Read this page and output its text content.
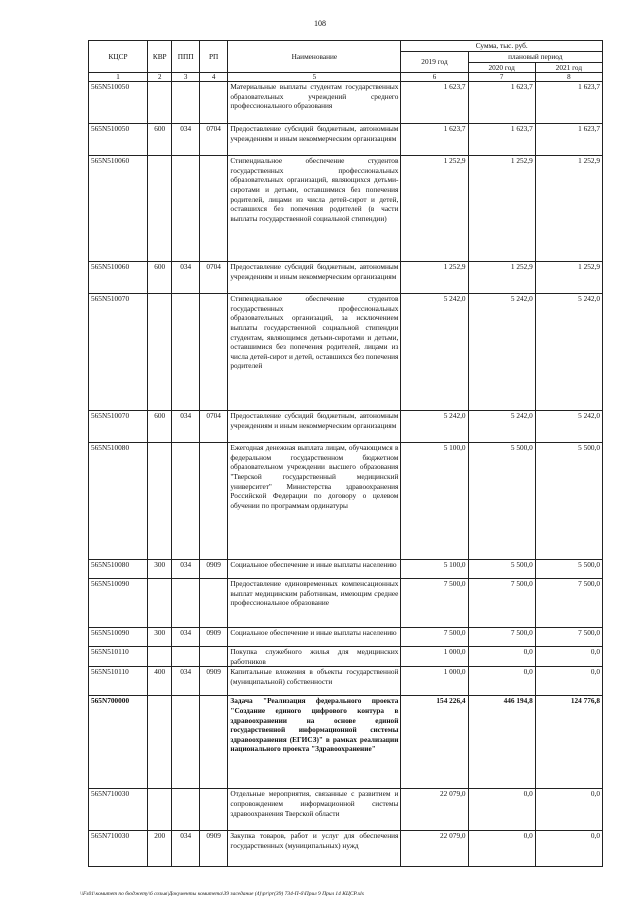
108
КЦСР	КВР	ППП	РП	Наименование	Сумма, тыс. руб.		
					2019 год	плановый период	
						2020 год	2021 год
1	2	3	4	5	6	7	8
565N510050				Материальные выплаты студентам государственных образовательных учреждений среднего профессионального образования	1 623,7	1 623,7	1 623,7
565N510050	600	034	0704	Предоставление субсидий бюджетным, автономным учреждениям и иным некоммерческим организациям	1 623,7	1 623,7	1 623,7
565N510060				Стипендиальное обеспечение студентов государственных профессиональных образовательных организаций, являющихся детьми-сиротами и детьми, оставшимися без попечения родителей, лицами из числа детей-сирот и детей, оставшихся без попечения родителей (в части выплаты государственной социальной стипендии)	1 252,9	1 252,9	1 252,9
565N510060	600	034	0704	Предоставление субсидий бюджетным, автономным учреждениям и иным некоммерческим организациям	1 252,9	1 252,9	1 252,9
565N510070				Стипендиальное обеспечение студентов государственных профессиональных образовательных организаций, за исключением выплаты государственной социальной стипендии студентам, являющимся детьми-сиротами и детьми, оставшимися без попечения родителей, лицами из числа детей-сирот и детей, оставшихся без попечения родителей	5 242,0	5 242,0	5 242,0
565N510070	600	034	0704	Предоставление субсидий бюджетным, автономным учреждениям и иным некоммерческим организациям	5 242,0	5 242,0	5 242,0
565N510080				Ежегодная денежная выплата лицам, обучающимся в федеральном государственном бюджетном образовательном учреждении высшего образования "Тверской государственный медицинский университет" Министерства здравоохранения Российской Федерации по договору о целевом обучении по программам ординатуры	5 100,0	5 500,0	5 500,0
565N510080	300	034	0909	Социальное обеспечение и иные выплаты населению	5 100,0	5 500,0	5 500,0
565N510090				Предоставление единовременных компенсационных выплат медицинским работникам, имеющим среднее профессиональное образование	7 500,0	7 500,0	7 500,0
565N510090	300	034	0909	Социальное обеспечение и иные выплаты населению	7 500,0	7 500,0	7 500,0
565N510110				Покупка служебного жилья для медицинских работников	1 000,0	0,0	0,0
565N510110	400	034	0909	Капитальные вложения в объекты государственной (муниципальной) собственности	1 000,0	0,0	0,0
565N700000				Задача "Реализация федерального проекта "Создание единого цифрового контура в здравоохранении на основе единой государственной информационной системы здравоохранения (ЕГИСЗ)" в рамках реализации национального проекта "Здравоохранение"	154 226,4	446 194,8	124 776,8
565N710030				Отдельные мероприятия, связанные с развитием и сопровождением информационной системы здравоохранения Тверской области	22 079,0	0,0	0,0
565N710030	200	034	0909	Закупка товаров, работ и услуг для обеспечения государственных (муниципальных) нужд	22 079,0	0,0	0,0
\\Fs01\комитет по бюджету\6 созыв\Документы комитета\39 заседание (4)\pr\pr(39) 734-П-6\Прил 9 Прил 14 КЦСР.xls
